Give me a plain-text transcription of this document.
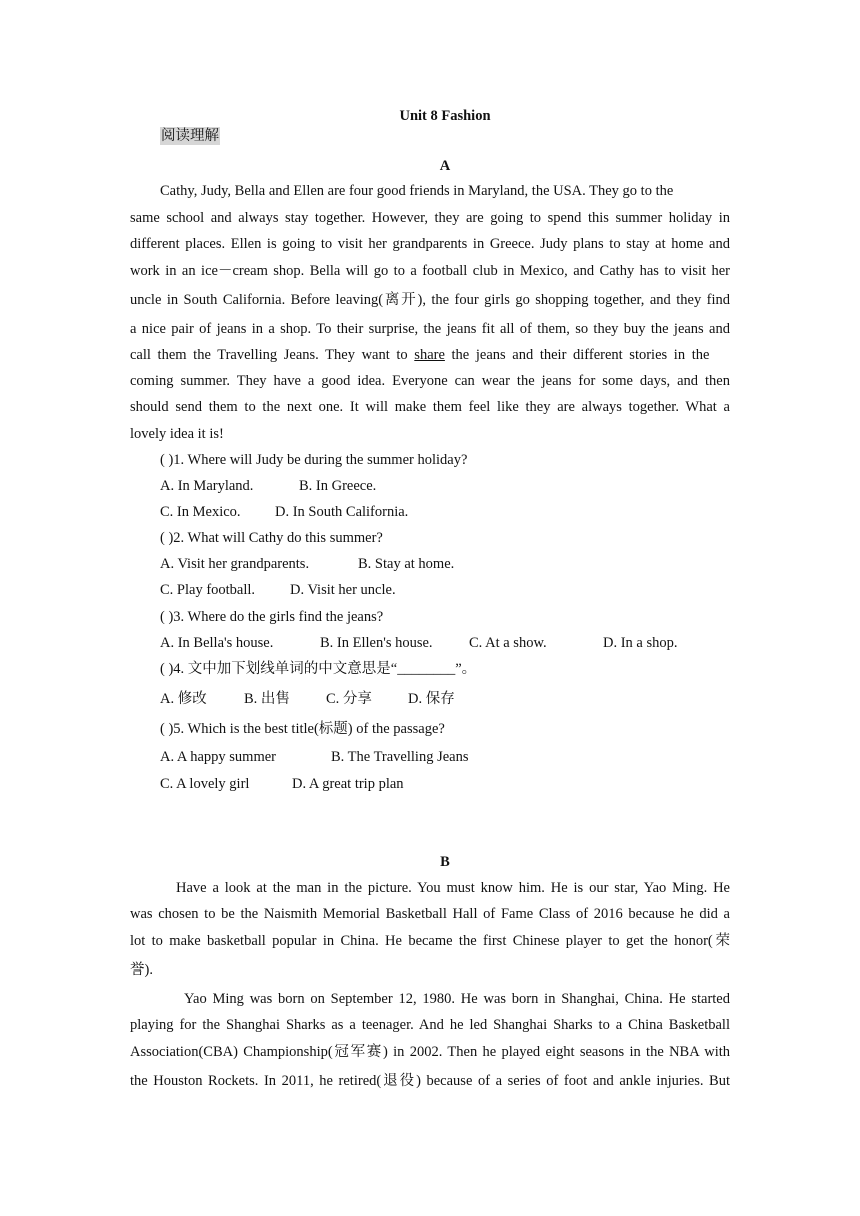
Unit 8 Fashion
阅读理解
A
Cathy, Judy, Bella and Ellen are four good friends in Maryland, the USA. They go to the
same school and always stay together. However, they are going to spend this summer holiday in
different places. Ellen is going to visit her grandparents in Greece. Judy plans to stay at home and
work in an ice－cream shop. Bella will go to a football club in Mexico, and Cathy has to visit her
uncle in South California. Before leaving(离开), the four girls go shopping together, and they find
a nice pair of jeans in a shop. To their surprise, the jeans fit all of them, so they buy the jeans and
call them the Travelling Jeans. They want to share the jeans and their different stories in the
coming summer. They have a good idea. Everyone can wear the jeans for some days, and then
should send them to the next one. It will make them feel like they are always together. What a
lovely idea it is!
( )1. Where will Judy be during the summer holiday?
A. In Maryland.	B. In Greece.
C. In Mexico. D. In South California.
( )2. What will Cathy do this summer?
A. Visit her grandparents.	B. Stay at home.
C. Play football. D. Visit her uncle.
( )3. Where do the girls find the jeans?
A. In Bella's house.	B. In Ellen's house.	C. At a show.	D. In a shop.
( )4. 文中加下划线单词的中文意思是“________”。
A. 修改	B. 出售 C. 分享 D. 保存
( )5. Which is the best title(标题) of the passage?
A. A happy summer	B. The Travelling Jeans
C. A lovely girl	D. A great trip plan
B
Have a look at the man in the picture. You must know him. He is our star, Yao Ming. He
was chosen to be the Naismith Memorial Basketball Hall of Fame Class of 2016 because he did a
lot to make basketball popular in China. He became the first Chinese player to get the honor(荣
誉).
Yao Ming was born on September 12, 1980. He was born in Shanghai, China. He started
playing for the Shanghai Sharks as a teenager. And he led Shanghai Sharks to a China Basketball
Association(CBA) Championship(冠军赛) in 2002. Then he played eight seasons in the NBA with
the Houston Rockets. In 2011, he retired(退役) because of a series of foot and ankle injuries. But
